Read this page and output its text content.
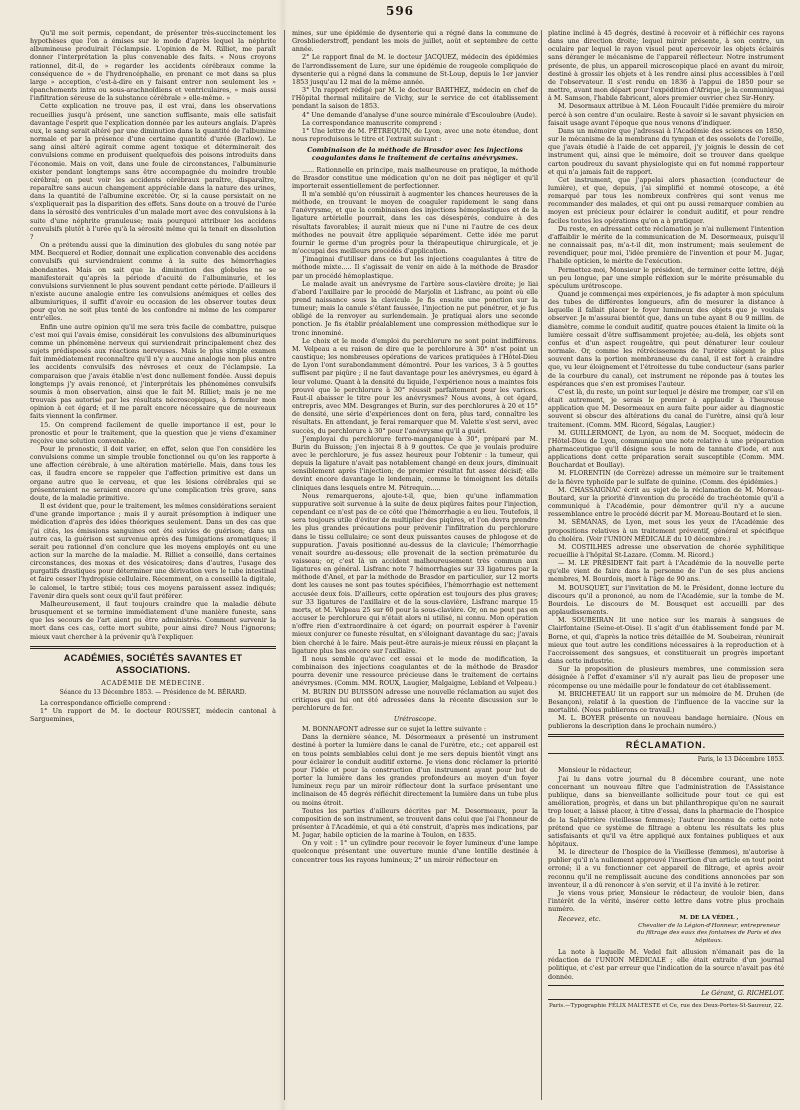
596

Qu'il me soit permis, cependant, de présenter très-succinctement les hypothèses que l'on a émises sur le mode d'après lequel la néphrite albumineuse produirait l'éclampsie. L'opinion de M. Rilliet, me paraît donner l'interprétation la plus convenable des faits. « Nous croyons rationnel, dit-il, de » regarder les accidents cérébraux comme la conséquence de » de l'hydrencéphalie, en prenant ce mot dans sa plus large » acception, c'est-à-dire en y faisant entrer non seulement les » épanchements intra ou sous-arachnoïdiens et ventriculaires, » mais aussi l'infiltration séreuse de la substance cérébrale » elle-même. »

Cette explication ne trouve pas, il est vrai, dans les observations recueillies jusqu'à présent, une sanction suffisante, mais elle satisfait davantage l'esprit que l'explication donnée par les auteurs anglais. D'après eux, le sang serait altéré par une diminution dans la quantité de l'albumine normale et par la présence d'une certaine quantité d'urée (Barlow). Le sang ainsi altéré agirait comme agent toxique et déterminerait des convulsions comme en produisent quelquefois des poisons introduits dans l'économie. Mais on voit, dans une foule de circonstances, l'albuminurie exister pendant longtemps sans être accompagnée du moindre trouble cérébral; on peut voir les accidents cérébraux paraître, disparaître, reparaître sans aucun changement appréciable dans la nature des urines, dans la quantité de l'albumine excrétée. Or, si la cause persistait on ne s'expliquerait pas la disparition des effets. Sans doute on a trouvé de l'urée dans la sérosité des ventricules d'un malade mort avec des convulsions à la suite d'une néphrite granuleuse; mais pourquoi attribuer les accidens convulsifs plutôt à l'urée qu'à la sérosité même qui la tenait en dissolution ?

On a prétendu aussi que la diminution des globules du sang notée par MM. Becquerel et Rodier, donnait une explication convenable des accidens convulsifs qui surviendraient comme à la suite des hémorrhagies abondantes. Mais on sait que la diminution des globules ne se manifesterait qu'après la période d'acuité de l'albuminurie, et les convulsions surviennent le plus souvent pendant cette période. D'ailleurs il n'existe aucune analogie entre les convulsions anémiques et celles des albumiuriques, il suffit d'avoir eu occasion de les observer toutes deux pour qu'on ne soit plus tenté de les confondre ni même de les comparer entr'elles.

Enfin une autre opinion qu'il me sera très facile de combattre, puisque c'est moi qui l'avais émise, considérait les convulsions des albuminuriques comme un phénomène nerveux qui surviendrait principalement chez des sujets prédisposés aux réactions nerveuses. Mais le plus simple examen fait immédiatement reconnaître qu'il n'y a aucune analogie non plus entre les accidents convulsifs des névroses et ceux de l'éclampsie. La comparaison que j'avais établie n'est donc nullement fondée. Aussi depuis longtemps j'y avais renoncé, et j'interprétais les phénomènes convulsifs soumis à mon observation, ainsi que le fait M. Rilliet; mais je ne me trouvais pas autorisé par les résultats nécroscopiques, à formuler mon opinion à cet égard; et il me paraît encore nécessaire que de nouveaux faits viennent la confirmer.

15. On comprend facilement de quelle importance il est, pour le pronostic et pour le traitement, que la question que je viens d'examiner reçoive une solution convenable.

Pour le pronostic, il doit varier, en effet, selon que l'on considère les convulsions comme un simple trouble fonctionnel ou qu'on les rapporte à une affection cérébrale, à une altération matérielle. Mais, dans tous les cas, il faudra encore se rappeler que l'affection primitive est dans un organe autre que le cerveau, et que les lésions cérébrales qui se présenteraient ne seraient encore qu'une complication très grave, sans doute, de la maladie primitive.

Il est évident que, pour le traitement, les mêmes considérations seraient d'une grande importance ; mais il y aurait présomption à indiquer une médication d'après des idées théoriques seulement. Dans un des cas que j'ai cités, les émissions sanguines ont été suivies de guérison; dans un autre cas, la guérison est survenue après des fumigations aromatiques; il serait peu rationnel d'en conclure que les moyens employés ont eu une action sur la marche de la maladie. M. Rilliet a conseillé, dans certaines circonstances, des moxas et des vésicatoires; dans d'autres, l'usage des purgatifs drastiques pour déterminer une dérivation vers le tube intestinal et faire cesser l'hydropisie cellulaire. Récemment, on a conseillé la digitale, le calomel, le tartre stibié; tous ces moyens paraissent assez indiqués; l'avenir dira quels sont ceux qu'il faut préférer.

Malheureusement, il faut toujours craindre que la maladie débute brusquement et se termine immédiatement d'une manière funeste, sans que les secours de l'art aient pu être administrés. Comment survenir la mort dans ces cas, cette mort subite, pour ainsi dire? Nous l'ignorons; mieux vaut chercher à la prévenir qu'à l'expliquer.

ACADÉMIES, SOCIÉTÉS SAVANTES ET ASSOCIATIONS.
ACADÉMIE DE MÉDECINE.
Séance du 13 Décembre 1853. — Présidence de M. BÉRARD.

La correspondance officielle comprend :

1° Un rapport de M. le docteur ROUSSET, médecin cantonal à Sarguemines,

mines, sur une épidémie de dysenterie qui a régné dans la commune de Grosbliederstroff, pendant les mois de juillet, août et septembre de cette année.

2° Le rapport final de M. le docteur JACQUEZ, médecin des épidémies de l'arrondissement de Lure, sur une épidémie de rougeole compliquée de dysenterie qui a régné dans la commune de St-Loup, depuis le 1er janvier 1853 jusqu'au 12 mai de la même année.

3° Un rapport rédigé par M. le docteur BARTHEZ, médecin en chef de l'Hôpital thermal militaire de Vichy, sur le service de cet établissement pendant la saison de 1853.

4° Une demande d'analyse d'une source minérale d'Escouloubre (Aude).

La correspondance manuscrite comprend :

1° Une lettre de M. PÉTREQUIN, de Lyon, avec une note étendue, dont nous reproduisons le titre et l'extrait suivant :

Combinaison de la méthode de Brasdor avec les injections coagulantes dans le traitement de certains anévrysmes.

...... Rationnelle en principe, mais malheureuse en pratique, la méthode de Brasdor constitue une médication qu'on ne doit pas négliger et qu'il importerait essentiellement de perfectionner.

Il m'a semblé qu'on réussirait à augmenter les chances heureuses de la méthode, en trouvant le moyen de coaguler rapidement le sang dans l'anévrysme, et que la combinaison des injections hémoplastiques et de la ligature artérielle pourrait, dans les cas désespérés, conduire à des résultats favorables; il aurait mieux que ni l'une ni l'autre de ces deux méthodes ne pouvait être appliquée séparément. Cette idée me parut fournir le germe d'un progrès pour la thérapeutique chirurgicale, et je m'occupai des meilleurs procédés d'application.

J'imaginai d'utiliser dans ce but les injections coagulantes à titre de méthode mixte..... Il s'agissait de venir en aide à la méthode de Brasdor par un procédé hémoplastique.

Le malade avait un anévrysme de l'artère sous-clavière droite; je liai d'abord l'axillaire par le procédé de Marjolin et Lisfranc, au point où elle prend naissance sous la clavicule. Je fis ensuite une ponction sur la tumeur; mais la canule s'étant faussée, l'injection ne put pénétrer, et je fus obligé de la renvoyer au surlendemain. Je pratiquai alors une seconde ponction. Je fis établir préalablement une compression méthodique sur le tronc innominé.

Le choix et le mode d'emploi du perchlorure ne sont point indifférens. M. Velpeau a eu raison de dire que le perchlorure à 30° n'est point un caustique; les nombreuses opérations de varices pratiquées à l'Hôtel-Dieu de Lyon l'ont surabondamment démontré. Pour les varices, 3 à 5 gouttes suffisent par piqûre ; il ne faut davantage pour les anévrysmes, eu égard à leur volume. Quant à la densité du liquide, l'expérience nous a maintes fois prouvé que le perchlorure à 30° réussit parfaitement pour les varices. Faut-il abaisser le titre pour les anévrysmes? Nous avons, à cet égard, entrepris, avec MM. Desgranges et Burin, sur des perchlorures à 20 et 15° de densité, une série d'expériences dont on fera, plus tard, connaître les résultats. En attendant, je ferai remarquer que M. Valette s'est servi, avec succès, du perchlorure à 30° pour l'anévrysme qu'il a guéri.

J'employai du perchlorure ferro-manganique à 30°, préparé par M. Burin du Buisson; j'en injectai 8 à 9 gouttes. Ce que je voulais produire avec le perchlorure, je fus assez heureux pour l'obtenir : la tumeur, qui depuis la ligature n'avait pas notablement changé en deux jours, diminuait sensiblement après l'injection; de premier résultat fut assez décisif; elle devint encore davantage le lendemain, comme le témoignent les détails cliniques dans lesquels entre M. Pétrequin.....

Nous remarquerons, ajoute-t-il, que, bien qu'une inflammation suppurative soit survenue à la suite de deux piqûres faites pour l'injection, cependant ce n'est pas de ce côté que l'hémorrhagie a eu lieu. Toutefois, il sera toujours utile d'éviter de multiplier des piqûres, et l'on devra prendre les plus grandes précautions pour prévenir l'infiltration du perchlorure dans le tissu cellulaire; ce sont deux puissantes causes de phlogose et de suppuration. J'avais positionné au-dessus de la clavicule; l'hémorrhagie venait sourdre au-dessous; elle provenait de la section prématurée du vaisseau; or, c'est là un accident malheureusement très commun aux ligatures en général. Lisfranc note 7 hémorrhagies sur 33 ligatures par la méthode d'Anel, et par la méthode de Brasdor en particulier, sur 12 morts dont les causes ne sont pas toutes spécifiées, l'hémorrhagie est nettement accusée deux fois. D'ailleurs, cette opération est toujours des plus graves; sur 33 ligatures de l'axillaire et de la sous-clavière, Lisfranc marque 15 morts, et M. Velpeau 25 sur 60 pour la sous-clavière. Or, on ne peut pas en accuser le perchlorure qui n'était alors ni utilisé, ni connu. Mon opération n'offre rien d'extraordinaire à cet égard; on pourrait espérer à l'avenir mieux conjurer ce funeste résultat, en s'éloignant davantage du sac; j'avais bien cherché à le faire. Mais peut-être aurais-je mieux réussi en plaçant la ligature plus bas encore sur l'axillaire.

Il nous semble qu'avec cet essai et le mode de modification, la combinaison des injections coagulantes et de la méthode de Brasdor pourra devenir une ressource précieuse dans le traitement de certains anévrysmes. (Comm. MM. ROUX, Laugier, Malgaigne, Lebland et Velpeau.)

M. BURIN DU BUISSON adresse une nouvelle réclamation au sujet des critiques qui lui ont été adressées dans la récente discussion sur le perchlorure de fer.

Urétroscope.

M. BONNAFONT adresse sur ce sujet la lettre suivante :

Dans la dernière séance, M. Désormeaux a présenté un instrument destiné à porter la lumière dans le canal de l'urètre, etc.; cet appareil est en tous points semblables celui dont je me sers depuis bientôt vingt ans pour éclairer le conduit auditif externe. Je viens donc réclamer la priorité pour l'idée et pour la construction d'un instrument ayant pour but de porter la lumière dans les grandes profondeurs au moyen d'un foyer lumineux reçu par un miroir réflecteur dont la surface présentant une inclinaison de 45 degrés réfléchit directement la lumière dans un tube plus ou moins étroit.

Toutes les parties d'ailleurs décrites par M. Desormeaux, pour la composition de son instrument, se trouvent dans celui que j'ai l'honneur de présenter à l'Académie, et qui a été construit, d'après mes indications, par M. Jugar, habile opticien de la marine à Toulon, en 1835.

On y voit : 1° un cylindre pour recevoir le foyer lumineux d'une lampe quelconque présentant une ouverture munie d'une lentille destinée à concentrer tous les rayons lumineux; 2° un miroir réflecteur en

platine incliné à 45 degrés, destiné à recevoir et à réfléchir ces rayons dans une direction droite; lequel miroir présente, à son centre, un oculaire par lequel le rayon visuel peut apercevoir les objets éclairés sans déranger le mécanisme de l'appareil réflecteur. Notre instrument présente, de plus, un appareil microscopique placé en avant du miroir, destiné à grossir les objets et à les rendre ainsi plus accessibles à l'œil de l'observateur. Il s'est rendu en 1836 à l'appui de 1850 pour se mettre, avant mon départ pour l'expédition d'Afrique, je la communiquai à M. Samson, l'habile fabricant, alors premier ouvrier chez Sir-Henry.

M. Desormaux attribue à M. Léon Foucault l'idée première du miroir percé à son centre d'un oculaire. Reste à savoir si le savant physicien en faisait usage avant l'époque que nous venons d'indiquer.

Dans un mémoire que j'adressai à l'Académie des sciences en 1850, sur le mécanisme de la membrane du tympan et des osselets de l'oreille, que j'avais étudié à l'aide de cet appareil, j'y joignis le dessin de cet instrument qui, ainsi que le mémoire, doit se trouver dans quelque carton poudreux du savant physiologiste qui en fut nommé rapporteur et qui n'a jamais fait de rapport.

Cet instrument, que j'appelai alors phasaction (conducteur de lumière), et que, depuis, j'ai simplifié et nommé otoscope, a été remarqué par tous les nombreux confrères qui sont venus me recommander des malades, et qui ont pu aussi remarquer combien au moyen est précieux pour éclairer le conduit auditif, et pour rendre faciles toutes les opérations qu'on a à pratiquer.

Du reste, en adressant cette réclamation je n'ai nullement l'intention d'affaiblir le mérite de la communication de M. Desormeaux, puisqu'il ne connaissait pas, m'a-t-il dit, mon instrument; mais seulement de revendiquer, pour moi, l'idée première de l'invention et pour M. Jugar, l'habile opticien, le mérite de l'exécution.

Permettez-moi, Monsieur le président, de terminer cette lettre, déjà un peu longue, par une simple réflexion sur le mérite présumable du spéculum urétroscope.

Quand je commençai mes expériences, je fis adapter à mon spéculum des tubes de différentes longueurs, afin de mesurer la distance à laquelle il fallait placer le foyer lumineux des objets que je voulais observer. Je m'assurai bientôt que, dans un tube ayant 8 ou 9 millim. de diamètre, comme le conduit auditif, quatre pouces étaient la limite où la lumière cessait d'être suffisamment projetée; au-delà, les objets sont confus et d'un aspect rougeâtre, qui peut dénaturer leur couleur normale. Or, comme les rétrécissemens de l'urètre siègent le plus souvent dans la portion membraneuse du canal, il est fort à craindre que, vu leur éloignement et l'étroitesse du tube conducteur (sans parler de la courbure du canal), cet instrument ne réponde pas à toutes les espérances que s'en est promises l'auteur.

C'est là, du reste, un point sur lequel je désire me tromper, car s'il en était autrement, je serais le premier à applaudir à l'heureuse application que M. Desormeaux en aura faite pour aider au diagnostic souvent si obscur des altérations du canal de l'urètre, ainsi qu'à leur traitement. (Comm. MM. Ricord, Ségalas, Laugier.)

M. GUILLERMONT, de Lyon, au nom de M. Socquet, médecin de l'Hôtel-Dieu de Lyon, communique une note relative à une préparation pharmaceutique qu'il désigne sous le nom de tannate d'iode, et aux applications dont cette préparation serait susceptible (Comm. MM. Bouchardat et Boullay).

M. FLORENTIN (de Corrèze) adresse un mémoire sur le traitement de la fièvre typhoïde par le sulfate de quinine. (Comm. des épidémies.)

M. CHASSAIGNAC écrit au sujet de la réclamation de M. Moreau-Boutard, sur la priorité d'invention du procédé de trachéotomie qu'il a communiqué à l'Académie, pour démontrer qu'il n'y a aucune ressemblance entre le procédé décrit par M. Moreau-Boutard et le sien.

M. SÉMANAS, de Lyon, met sous les yeux de l'Académie des propositions relatives à un traitement préventif, général et spécifique du choléra. (Voir l'UNION MÉDICALE du 10 décembre.)

M. COSTILHES adresse une observation de chorée syphilitique recueillie à l'hôpital St-Lazare. (Comm. M. Ricord.)

— M. LE PRÉSIDENT fait part à l'Académie de la nouvelle perte qu'elle vient de faire dans la personne de l'un de ses plus anciens membres, M. Bourdois, mort à l'âge de 90 ans.

M. BOUSQUET, sur l'invitation de M. le Président, donne lecture du discours qu'il a prononcé, au nom de l'Académie, sur la tombe de M. Bourdois. Le discours de M. Bousquet est accueilli par des applaudissements.

M. SOUBEIRAN lit une notice sur les marais à sangsues de Clairfontaine (Seine-et-Oise). Il s'agit d'un établissement fondé par M. Borne, et qui, d'après la notice très détaillée de M. Soubeiran, réunirait mieux que tout autre les conditions nécessaires à la reproduction et à l'accroissement des sangsues, et constituerait un progrès important dans cette industrie.

Sur la proposition de plusieurs membres, une commission sera désignée à l'effet d'examiner s'il n'y aurait pas lieu de proposer une récompense ou une médaille pour le fondateur de cet établissement.

M. BRICHETEAU lit un rapport sur un mémoire de M. Druhen (de Besançon), relatif à la question de l'influence de la vaccine sur la mortalité. (Nous publierons ce travail.)

M. L. BOYER présente un nouveau bandage herniaire. (Nous en publierons la description dans le prochain numéro.)

RÉCLAMATION.
Paris, le 13 Décembre 1853.

Monsieur le rédacteur,

J'ai lu dans votre journal du 8 décembre courant, une note concernant un nouveau filtre que l'administration de l'Assistance publique, dans sa bienveillante sollicitude pour tout ce qui est amélioration, progrès, et dans un but philanthropique qu'on ne saurait trop louer, a laissé placer, à titre d'essai, dans la pharmacie de l'hospice de la Salpêtrière (vieillesse femmes); l'auteur inconnu de cette note prétend que ce système de filtrage a obtenu les résultats les plus satisfaisants et qu'il va être appliqué aux fontaines publiques et aux hôpitaux.

M. le directeur de l'hospice de la Vieillesse (femmes), m'autorise à publier qu'il n'a nullement approuvé l'insertion d'un article en tout point erroné; il a vu fonctionner cet appareil de filtrage, et après avoir reconnu qu'il ne remplissait aucune des conditions annoncées par son inventeur, il a dû renoncer à s'en servir, et il l'a invité à le retirer.

Je viens vous prier, Monsieur le rédacteur, de vouloir bien, dans l'intérêt de la vérité, insérer cette lettre dans votre plus prochain numéro.

Recevez, etc.	M. DE LA VÉDEL ,
Chevalier de la Légion-d'Honneur, entrepreneur du filtrage des eaux des fontaines de Paris et des hôpitaux.

La note à laquelle M. Vedel fait allusion n'émanait pas de la rédaction de l'UNION MÉDICALE ; elle était extraite d'un journal politique, et c'est par erreur que l'indication de la source n'avait pas été donnée.

Le Gérant, G. RICHELOT.
Paris.—Typographie FÉLIX MALTESTE et Ce, rue des Deux-Portes-St-Sauveur, 22.
